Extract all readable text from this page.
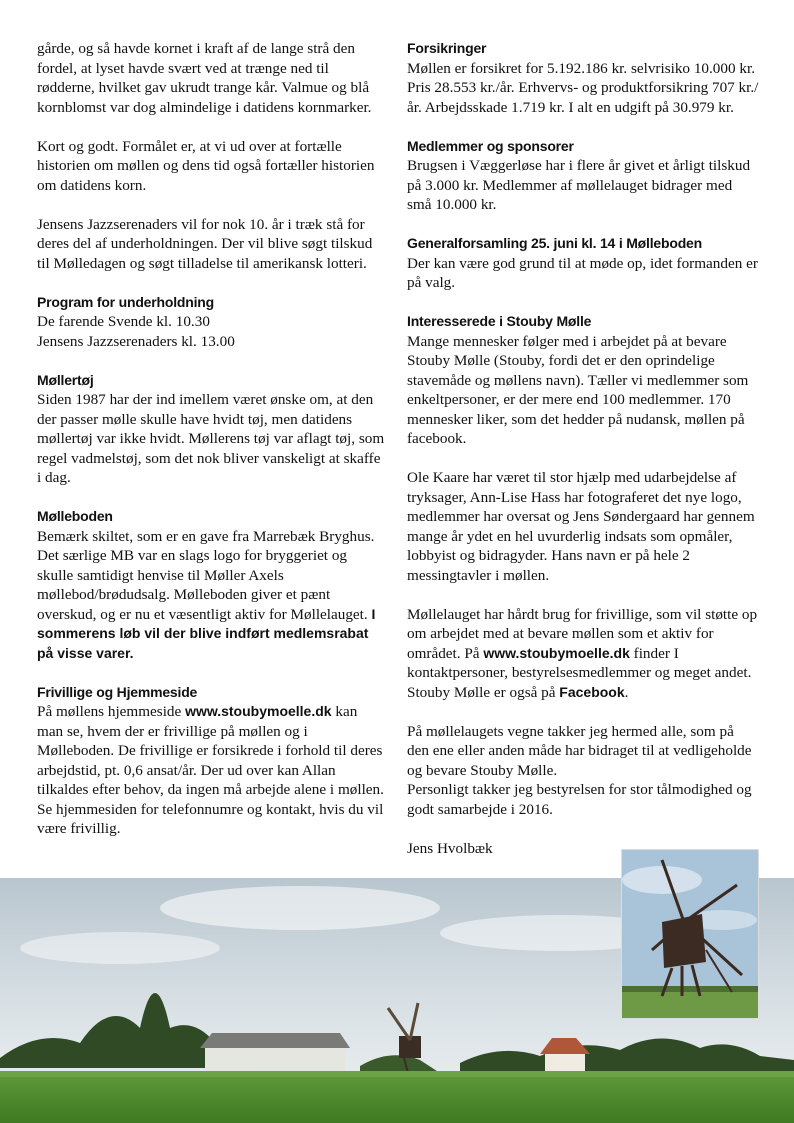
gårde, og så havde kornet i kraft af de lange strå den fordel, at lyset havde svært ved at trænge ned til rødderne, hvilket gav ukrudt trange kår. Valmue og blå kornblomst var dog almindelige i datidens kornmarker.

Kort og godt. Formålet er, at vi ud over at fortælle historien om møllen og dens tid også fortæller historien om datidens korn.

Jensens Jazzserenaders vil for nok 10. år i træk stå for deres del af underholdningen. Der vil blive søgt tilskud til Mølledagen og søgt tilladelse til amerikansk lotteri.

Program for underholdning
De farende Svende kl. 10.30
Jensens Jazzserenaders kl. 13.00
Møllertøj

Siden 1987 har der ind imellem været ønske om, at den der passer mølle skulle have hvidt tøj, men datidens møllertøj var ikke hvidt. Møllerens tøj var aflagt tøj, som regel vadmelstøj, som det nok bliver vanskeligt at skaffe i dag.

Mølleboden

Bemærk skiltet, som er en gave fra Marrebæk Bryghus. Det særlige MB var en slags logo for bryggeriet og skulle samtidigt henvise til Møller Axels møllebod/brødudsalg. Mølleboden giver et pænt overskud, og er nu et væsentligt aktiv for Møllelauget. I sommerens løb vil der blive indført medlemsrabat på visse varer.

Frivillige og Hjemmeside

På møllens hjemmeside www.stoubymoelle.dk kan man se, hvem der er frivillige på møllen og i Mølleboden. De frivillige er forsikrede i forhold til deres arbejdstid, pt. 0,6 ansat/år. Der ud over kan Allan tilkaldes efter behov, da ingen må arbejde alene i møllen. Se hjemmesiden for telefonnumre og kontakt, hvis du vil være frivillig.

Forsikringer

Møllen er forsikret for 5.192.186 kr. selvrisiko 10.000 kr. Pris 28.553 kr./år. Erhvervs- og produktforsikring 707 kr./år. Arbejdsskade 1.719 kr. I alt en udgift på 30.979 kr.

Medlemmer og sponsorer

Brugsen i Væggerløse har i flere år givet et årligt tilskud på 3.000 kr. Medlemmer af møllelauget bidrager med små 10.000 kr.

Generalforsamling 25. juni kl. 14 i Mølleboden

Der kan være god grund til at møde op, idet formanden er på valg.

Interesserede i Stouby Mølle

Mange mennesker følger med i arbejdet på at bevare Stouby Mølle (Stouby, fordi det er den oprindelige stavemåde og møllens navn). Tæller vi medlemmer som enkeltpersoner, er der mere end 100 medlemmer. 170 mennesker liker, som det hedder på nudansk, møllen på facebook.

Ole Kaare har været til stor hjælp med udarbejdelse af tryksager, Ann-Lise Hass har fotograferet det nye logo, medlemmer har oversat og Jens Søndergaard har gennem mange år ydet en hel uvurderlig indsats som opmåler, lobbyist og bidragyder. Hans navn er på hele 2 messingtavler i møllen.

Møllelauget har hårdt brug for frivillige, som vil støtte op om arbejdet med at bevare møllen som et aktiv for området. På www.stoubymoelle.dk finder I kontaktpersoner, bestyrelsesmedlemmer og meget andet. Stouby Mølle er også på Facebook.

På møllelaugets vegne takker jeg hermed alle, som på den ene eller anden måde har bidraget til at vedligeholde og bevare Stouby Mølle.
Personligt takker jeg bestyrelsen for stor tålmodighed og godt samarbejde i 2016.
Jens Hvolbæk
